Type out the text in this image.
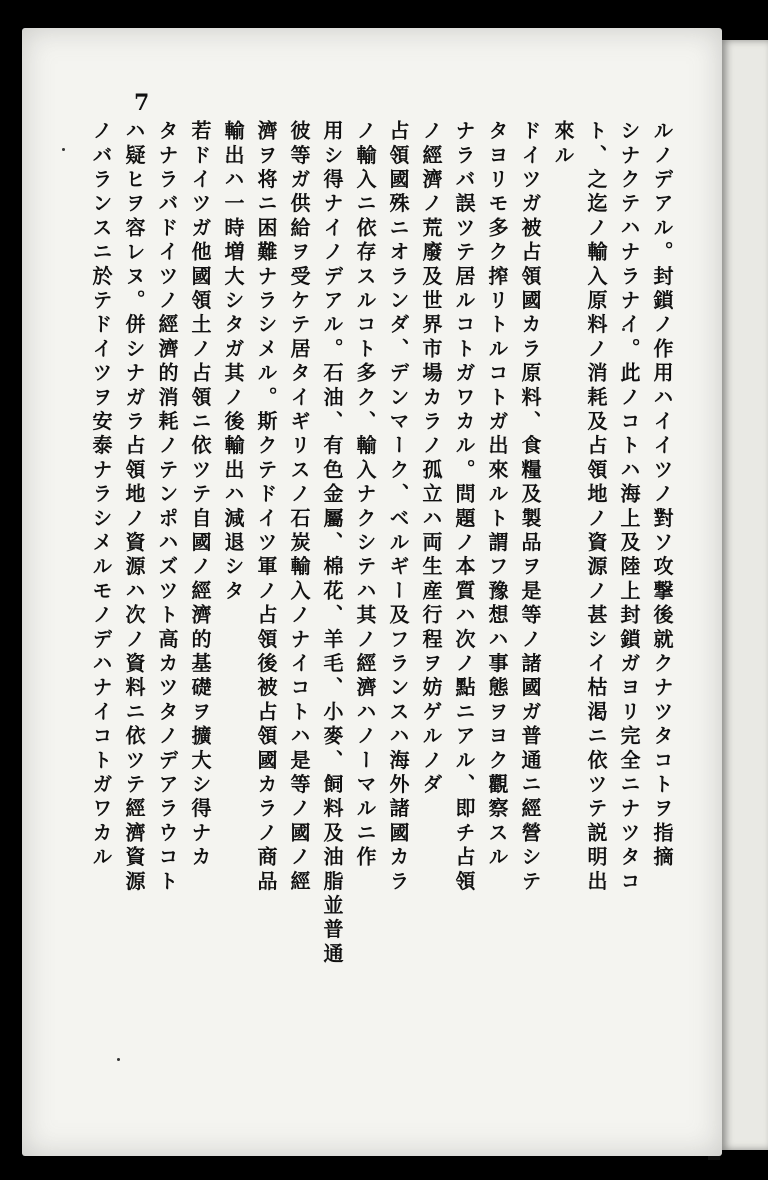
7
ルノデアル。封鎖ノ作用ハイイツノ對ソ攻撃後就クナツタコトヲ指摘
シナクテハナラナイ。此ノコトハ海上及陸上封鎖ガヨリ完全ニナツタコ
ト、之迄ノ輸入原料ノ消耗及占領地ノ資源ノ甚シイ枯渇ニ依ツテ説明出
來ル
ドイツガ被占領國カラ原料、食糧及製品ヲ是等ノ諸國ガ普通ニ經營シテ
タヨリモ多ク搾リトルコトガ出來ルト謂フ豫想ハ事態ヲヨク觀察スル
ナラバ誤ツテ居ルコトガワカル。問題ノ本質ハ次ノ點ニアル、即チ占領
ノ經濟ノ荒廢及世界市場カラノ孤立ハ両生産行程ヲ妨ゲルノダ
占領國殊ニオランダ、デンマーク、ベルギー及フランスハ海外諸國カラ
ノ輸入ニ依存スルコト多ク、輸入ナクシテハ其ノ經濟ハノーマルニ作
用シ得ナイノデアル。石油、有色金屬、棉花、羊毛、小麥、飼料及油脂並普通
彼等ガ供給ヲ受ケテ居タイギリスノ石炭輸入ノナイコトハ是等ノ國ノ經
濟ヲ将ニ困難ナラシメル。斯クテドイツ軍ノ占領後被占領國カラノ商品
輸出ハ一時増大シタガ其ノ後輸出ハ減退シタ
若ドイツガ他國領土ノ占領ニ依ツテ自國ノ經濟的基礎ヲ擴大シ得ナカ
タナラバドイツノ經濟的消耗ノテンポハズツト高カツタノデアラウコト
ハ疑ヒヲ容レヌ。併シナガラ占領地ノ資源ハ次ノ資料ニ依ツテ經濟資源
ノバランスニ於テドイツヲ安泰ナラシメルモノデハナイコトガワカル
